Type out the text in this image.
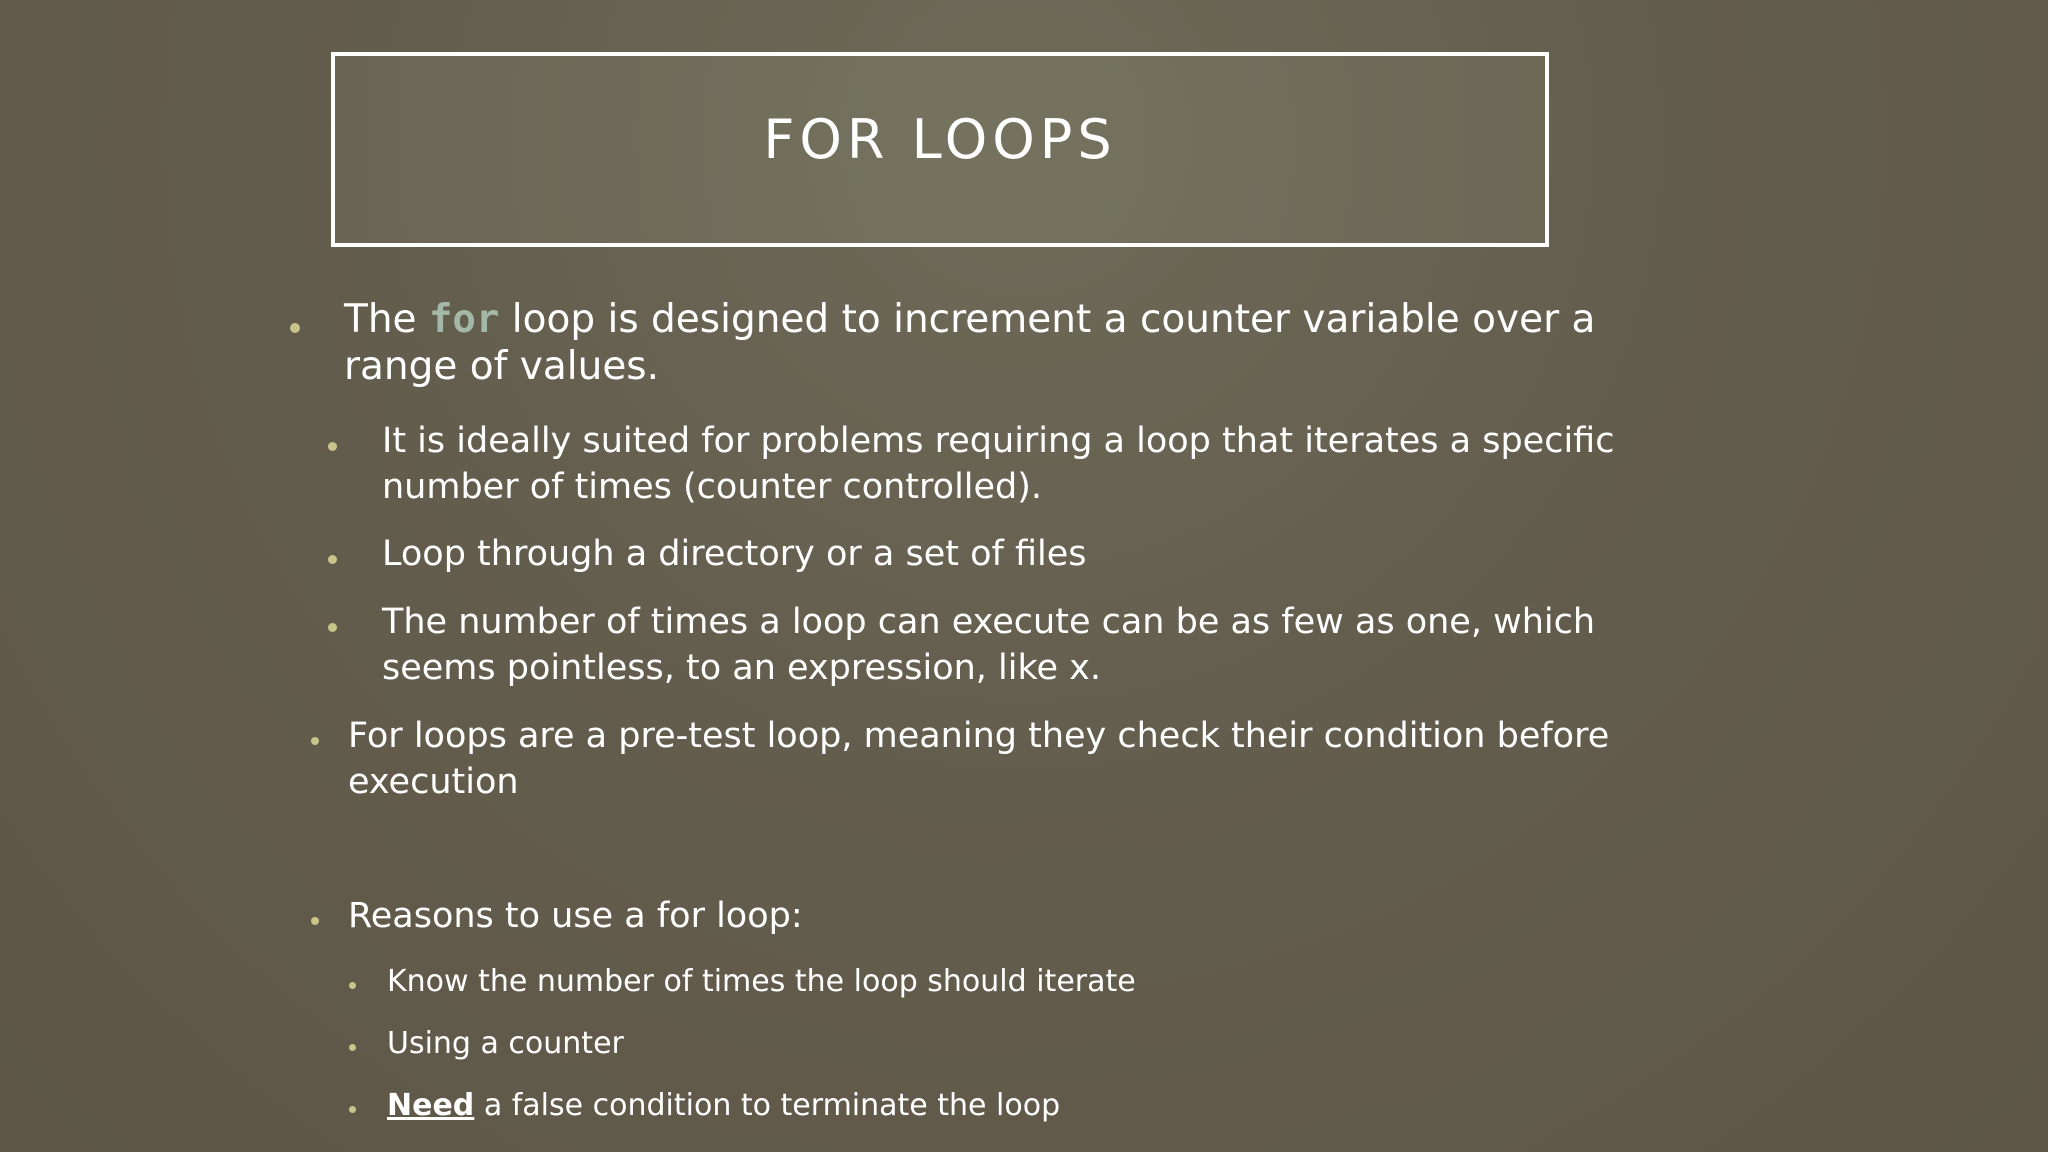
FOR LOOPS
The for loop is designed to increment a counter variable over a range of values.
It is ideally suited for problems requiring a loop that iterates a specific number of times (counter controlled).
Loop through a directory or a set of files
The number of times a loop can execute can be as few as one, which seems pointless, to an expression, like x.
For loops are a pre-test loop, meaning they check their condition before execution
Reasons to use a for loop:
Know the number of times the loop should iterate
Using a counter
Need a false condition to terminate the loop
